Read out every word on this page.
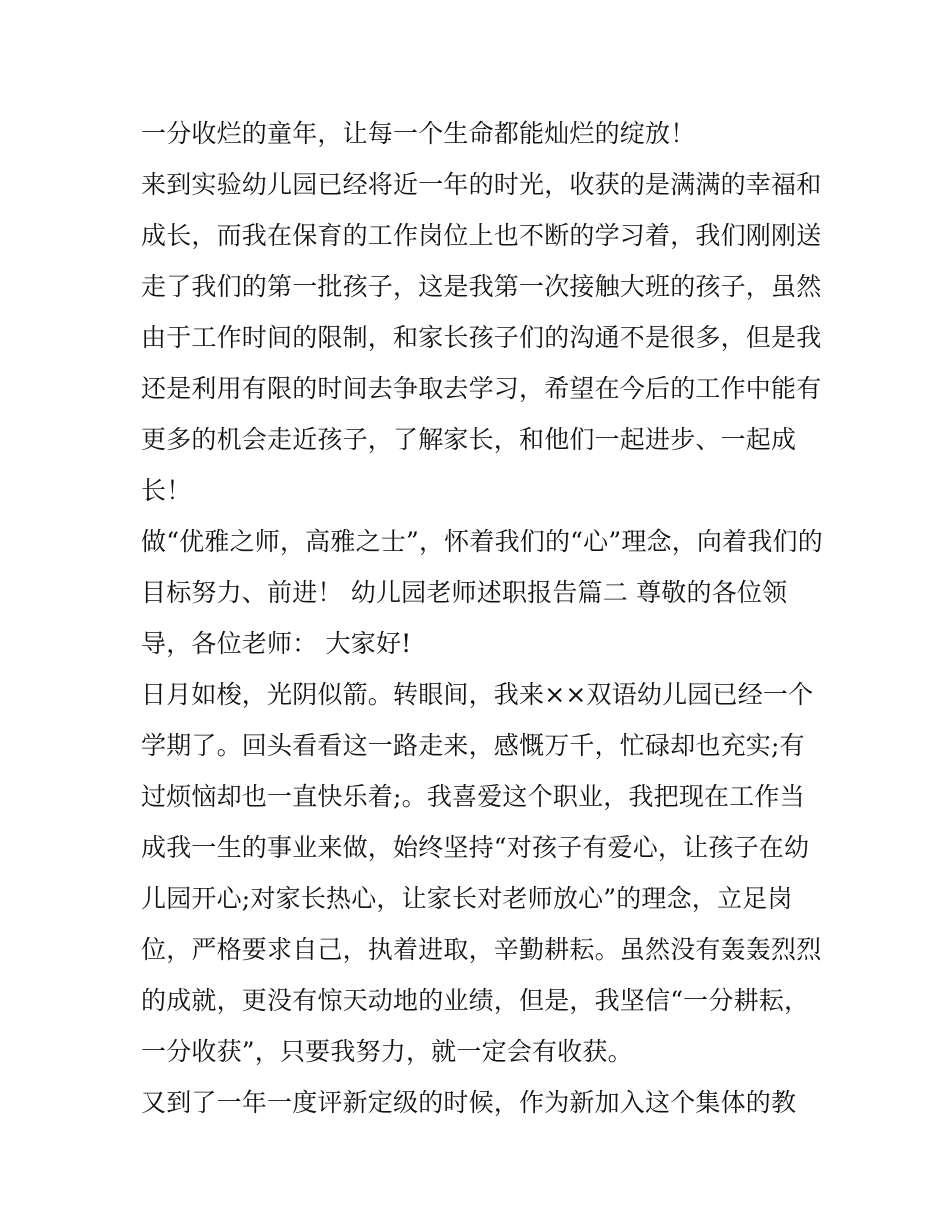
一分收烂的童年，让每一个生命都能灿烂的绽放！
来到实验幼儿园已经将近一年的时光，收获的是满满的幸福和
成长，而我在保育的工作岗位上也不断的学习着，我们刚刚送
走了我们的第一批孩子，这是我第一次接触大班的孩子，虽然
由于工作时间的限制，和家长孩子们的沟通不是很多，但是我
还是利用有限的时间去争取去学习，希望在今后的工作中能有
更多的机会走近孩子，了解家长，和他们一起进步、一起成
长！
做“优雅之师，高雅之士”，怀着我们的“心”理念，向着我们的
目标努力、前进！ 幼儿园老师述职报告篇二 尊敬的各位领
导，各位老师： 大家好!
日月如梭，光阴似箭。转眼间，我来××双语幼儿园已经一个
学期了。回头看看这一路走来，感慨万千，忙碌却也充实;有
过烦恼却也一直快乐着;。我喜爱这个职业，我把现在工作当
成我一生的事业来做，始终坚持“对孩子有爱心，让孩子在幼
儿园开心;对家长热心，让家长对老师放心”的理念，立足岗
位，严格要求自己，执着进取，辛勤耕耘。虽然没有轰轰烈烈
的成就，更没有惊天动地的业绩，但是，我坚信“一分耕耘，
一分收获”，只要我努力，就一定会有收获。
又到了一年一度评新定级的时候，作为新加入这个集体的教
